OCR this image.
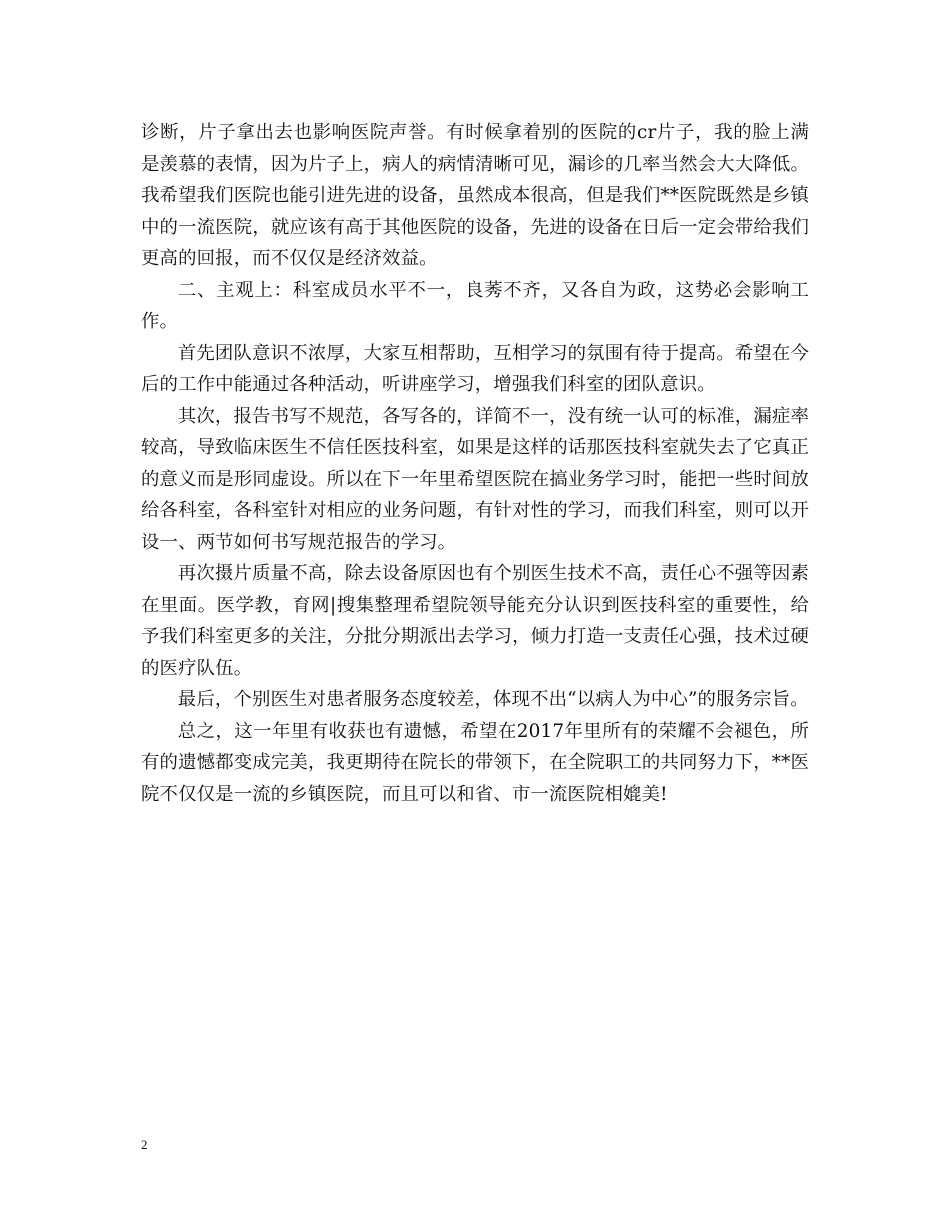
诊断，片子拿出去也影响医院声誉。有时候拿着别的医院的cr片子，我的脸上满是羡慕的表情，因为片子上，病人的病情清晰可见，漏诊的几率当然会大大降低。我希望我们医院也能引进先进的设备，虽然成本很高，但是我们**医院既然是乡镇中的一流医院，就应该有高于其他医院的设备，先进的设备在日后一定会带给我们更高的回报，而不仅仅是经济效益。

二、主观上：科室成员水平不一，良莠不齐，又各自为政，这势必会影响工作。

首先团队意识不浓厚，大家互相帮助，互相学习的氛围有待于提高。希望在今后的工作中能通过各种活动，听讲座学习，增强我们科室的团队意识。

其次，报告书写不规范，各写各的，详简不一，没有统一认可的标准，漏症率较高，导致临床医生不信任医技科室，如果是这样的话那医技科室就失去了它真正的意义而是形同虚设。所以在下一年里希望医院在搞业务学习时，能把一些时间放给各科室，各科室针对相应的业务问题，有针对性的学习，而我们科室，则可以开设一、两节如何书写规范报告的学习。

再次摄片质量不高，除去设备原因也有个别医生技术不高，责任心不强等因素在里面。医学教，育网|搜集整理希望院领导能充分认识到医技科室的重要性，给予我们科室更多的关注，分批分期派出去学习，倾力打造一支责任心强，技术过硬的医疗队伍。

最后，个别医生对患者服务态度较差，体现不出“以病人为中心”的服务宗旨。

总之，这一年里有收获也有遗憾，希望在2017年里所有的荣耀不会褪色，所有的遗憾都变成完美，我更期待在院长的带领下，在全院职工的共同努力下，**医院不仅仅是一流的乡镇医院，而且可以和省、市一流医院相媲美!

2
